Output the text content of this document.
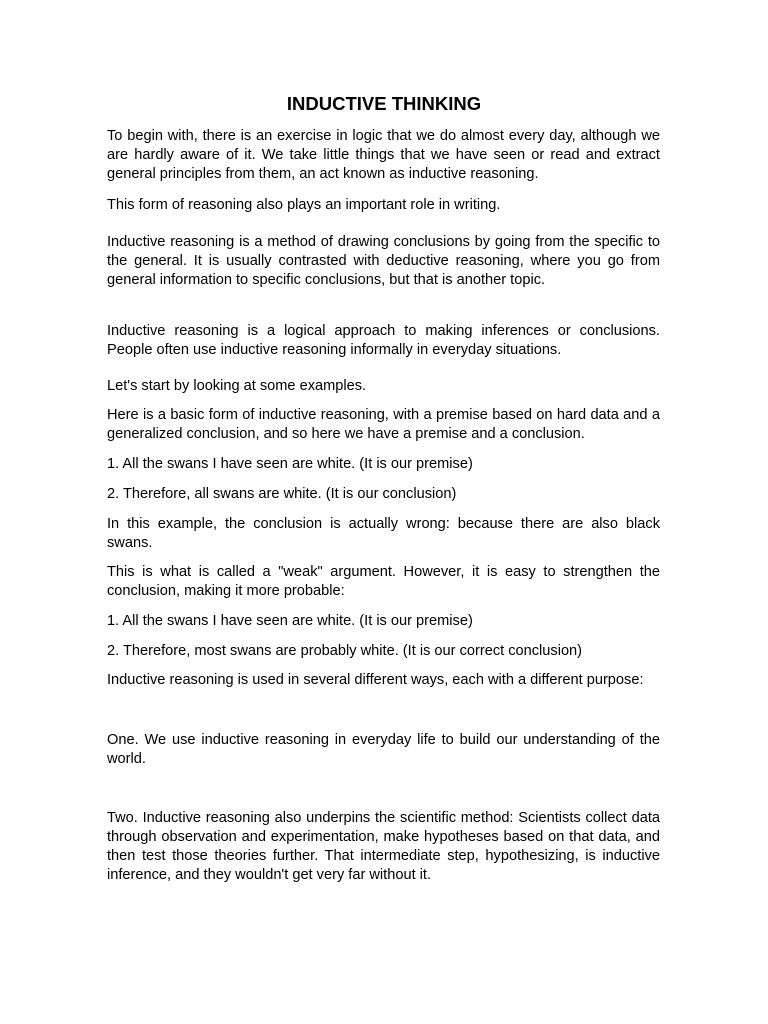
INDUCTIVE THINKING

To begin with, there is an exercise in logic that we do almost every day, although we are hardly aware of it. We take little things that we have seen or read and extract general principles from them, an act known as inductive reasoning.

This form of reasoning also plays an important role in writing.

Inductive reasoning is a method of drawing conclusions by going from the specific to the general. It is usually contrasted with deductive reasoning, where you go from general information to specific conclusions, but that is another topic.

Inductive reasoning is a logical approach to making inferences or conclusions. People often use inductive reasoning informally in everyday situations.

Let's start by looking at some examples.

Here is a basic form of inductive reasoning, with a premise based on hard data and a generalized conclusion, and so here we have a premise and a conclusion.

1. All the swans I have seen are white. (It is our premise)

2. Therefore, all swans are white. (It is our conclusion)

In this example, the conclusion is actually wrong: because there are also black swans.

This is what is called a "weak" argument. However, it is easy to strengthen the conclusion, making it more probable:

1. All the swans I have seen are white. (It is our premise)

2. Therefore, most swans are probably white. (It is our correct conclusion)

Inductive reasoning is used in several different ways, each with a different purpose:

One. We use inductive reasoning in everyday life to build our understanding of the world.

Two. Inductive reasoning also underpins the scientific method: Scientists collect data through observation and experimentation, make hypotheses based on that data, and then test those theories further. That intermediate step, hypothesizing, is inductive inference, and they wouldn't get very far without it.
